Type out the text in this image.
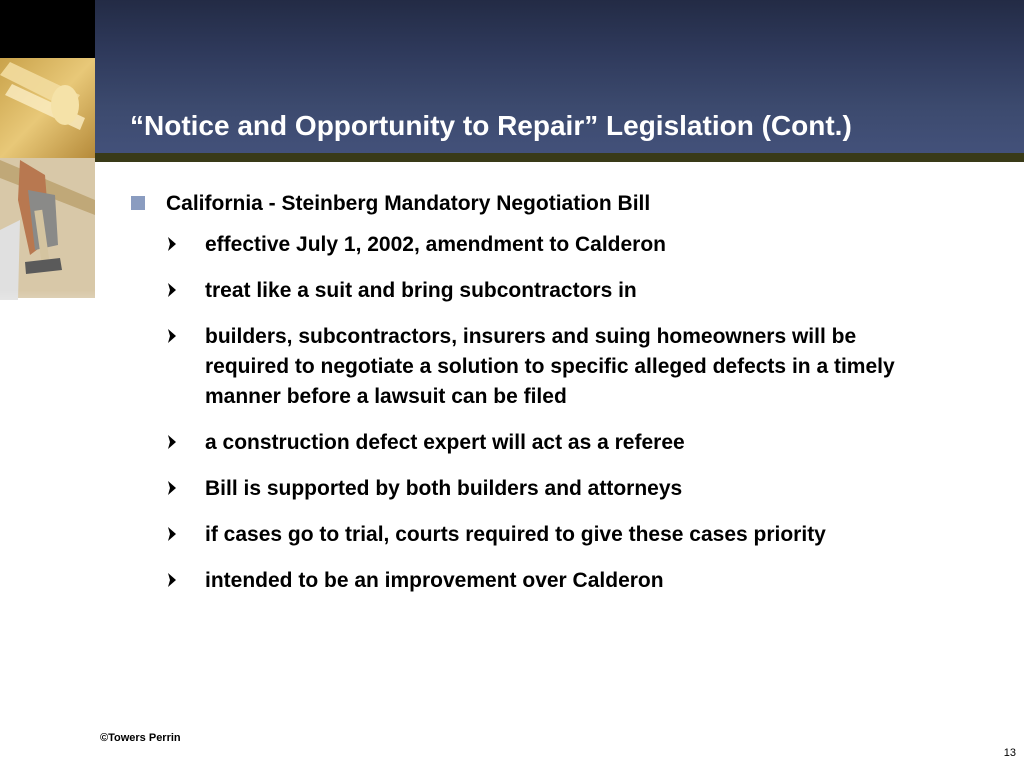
“Notice and Opportunity to Repair” Legislation (Cont.)
California - Steinberg Mandatory Negotiation Bill
effective July 1, 2002, amendment to Calderon
treat like a suit and bring subcontractors in
builders, subcontractors, insurers and suing homeowners will be required to negotiate a solution to specific alleged defects in a timely manner before a lawsuit can be filed
a construction defect expert will act as a referee
Bill is supported by both builders and attorneys
if cases go to trial, courts required to give these cases priority
intended to be an improvement over Calderon
©Towers Perrin
13
